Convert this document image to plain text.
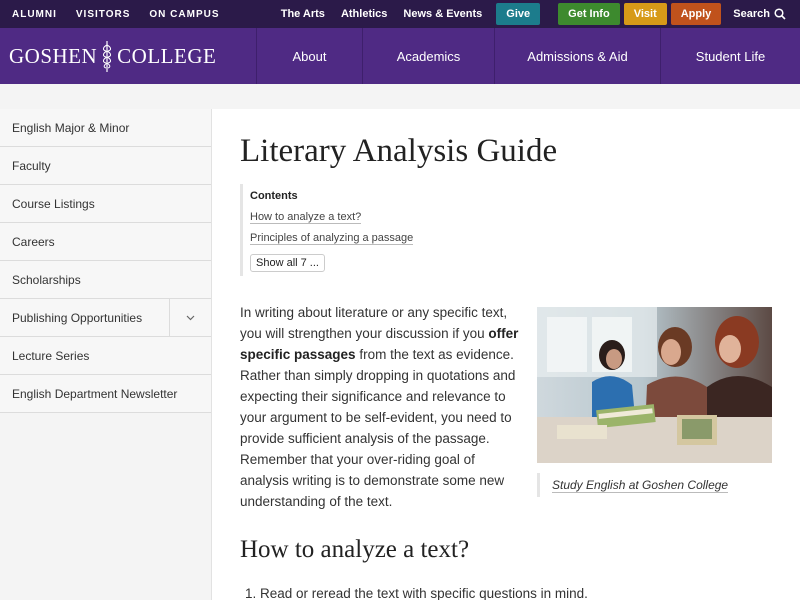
ALUMNI VISITORS ON CAMPUS	The Arts Athletics News & Events	Give	Get Info	Visit	Apply	Search
GOSHEN COLLEGE	About	Academics	Admissions & Aid	Student Life
English Major & Minor
Faculty
Course Listings
Careers
Scholarships
Publishing Opportunities
Lecture Series
English Department Newsletter
Literary Analysis Guide
Contents
How to analyze a text?
Principles of analyzing a passage
Show all 7 ...

In writing about literature or any specific text, you will strengthen your discussion if you offer specific passages from the text as evidence. Rather than simply dropping in quotations and expecting their significance and relevance to your argument to be self-evident, you need to provide sufficient analysis of the passage. Remember that your over-riding goal of analysis writing is to demonstrate some new understanding of the text.

Study English at Goshen College
How to analyze a text?
1. Read or reread the text with specific questions in mind.
